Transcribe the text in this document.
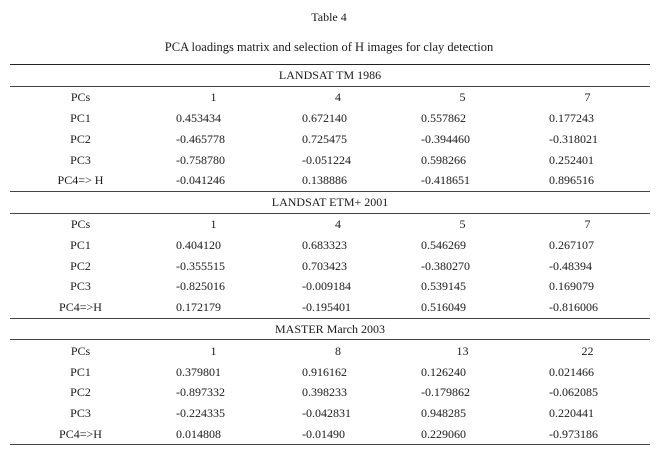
Table 4
PCA loadings matrix and selection of H images for clay detection
LANDSAT TM 1986				
PCs	1	4	5	7
PC1	0.453434	0.672140	0.557862	0.177243
PC2	-0.465778	0.725475	-0.394460	-0.318021
PC3	-0.758780	-0.051224	0.598266	0.252401
PC4=> H	-0.041246	0.138886	-0.418651	0.896516
LANDSAT ETM+ 2001				
PCs	1	4	5	7
PC1	0.404120	0.683323	0.546269	0.267107
PC2	-0.355515	0.703423	-0.380270	-0.48394
PC3	-0.825016	-0.009184	0.539145	0.169079
PC4=>H	0.172179	-0.195401	0.516049	-0.816006
MASTER March 2003				
PCs	1	8	13	22
PC1	0.379801	0.916162	0.126240	0.021466
PC2	-0.897332	0.398233	-0.179862	-0.062085
PC3	-0.224335	-0.042831	0.948285	0.220441
PC4=>H	0.014808	-0.01490	0.229060	-0.973186
